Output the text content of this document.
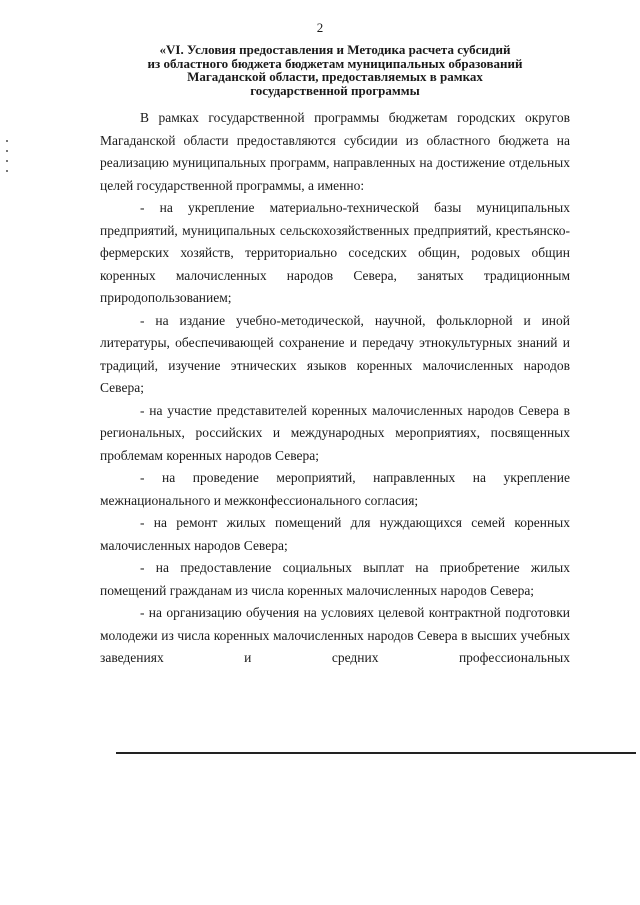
2
«VI. Условия предоставления и Методика расчета субсидий
из областного бюджета бюджетам муниципальных образований
Магаданской области, предоставляемых в рамках
государственной программы

В рамках государственной программы бюджетам городских округов Магаданской области предоставляются субсидии из областного бюджета на реализацию муниципальных программ, направленных на достижение отдельных целей государственной программы, а именно:

- на укрепление материально-технической базы муниципальных предприятий, муниципальных сельскохозяйственных предприятий, крестьянско-фермерских хозяйств, территориально соседских общин, родовых общин коренных малочисленных народов Севера, занятых традиционным природопользованием;

- на издание учебно-методической, научной, фольклорной и иной литературы, обеспечивающей сохранение и передачу этнокультурных знаний и традиций, изучение этнических языков коренных малочисленных народов Севера;

- на участие представителей коренных малочисленных народов Севера в региональных, российских и международных мероприятиях, посвященных проблемам коренных народов Севера;

- на проведение мероприятий, направленных на укрепление межнационального и межконфессионального согласия;

- на ремонт жилых помещений для нуждающихся семей коренных малочисленных народов Севера;

- на предоставление социальных выплат на приобретение жилых помещений гражданам из числа коренных малочисленных народов Севера;

- на организацию обучения на условиях целевой контрактной подготовки молодежи из числа коренных малочисленных народов Севера в высших учебных заведениях и средних профессиональных
